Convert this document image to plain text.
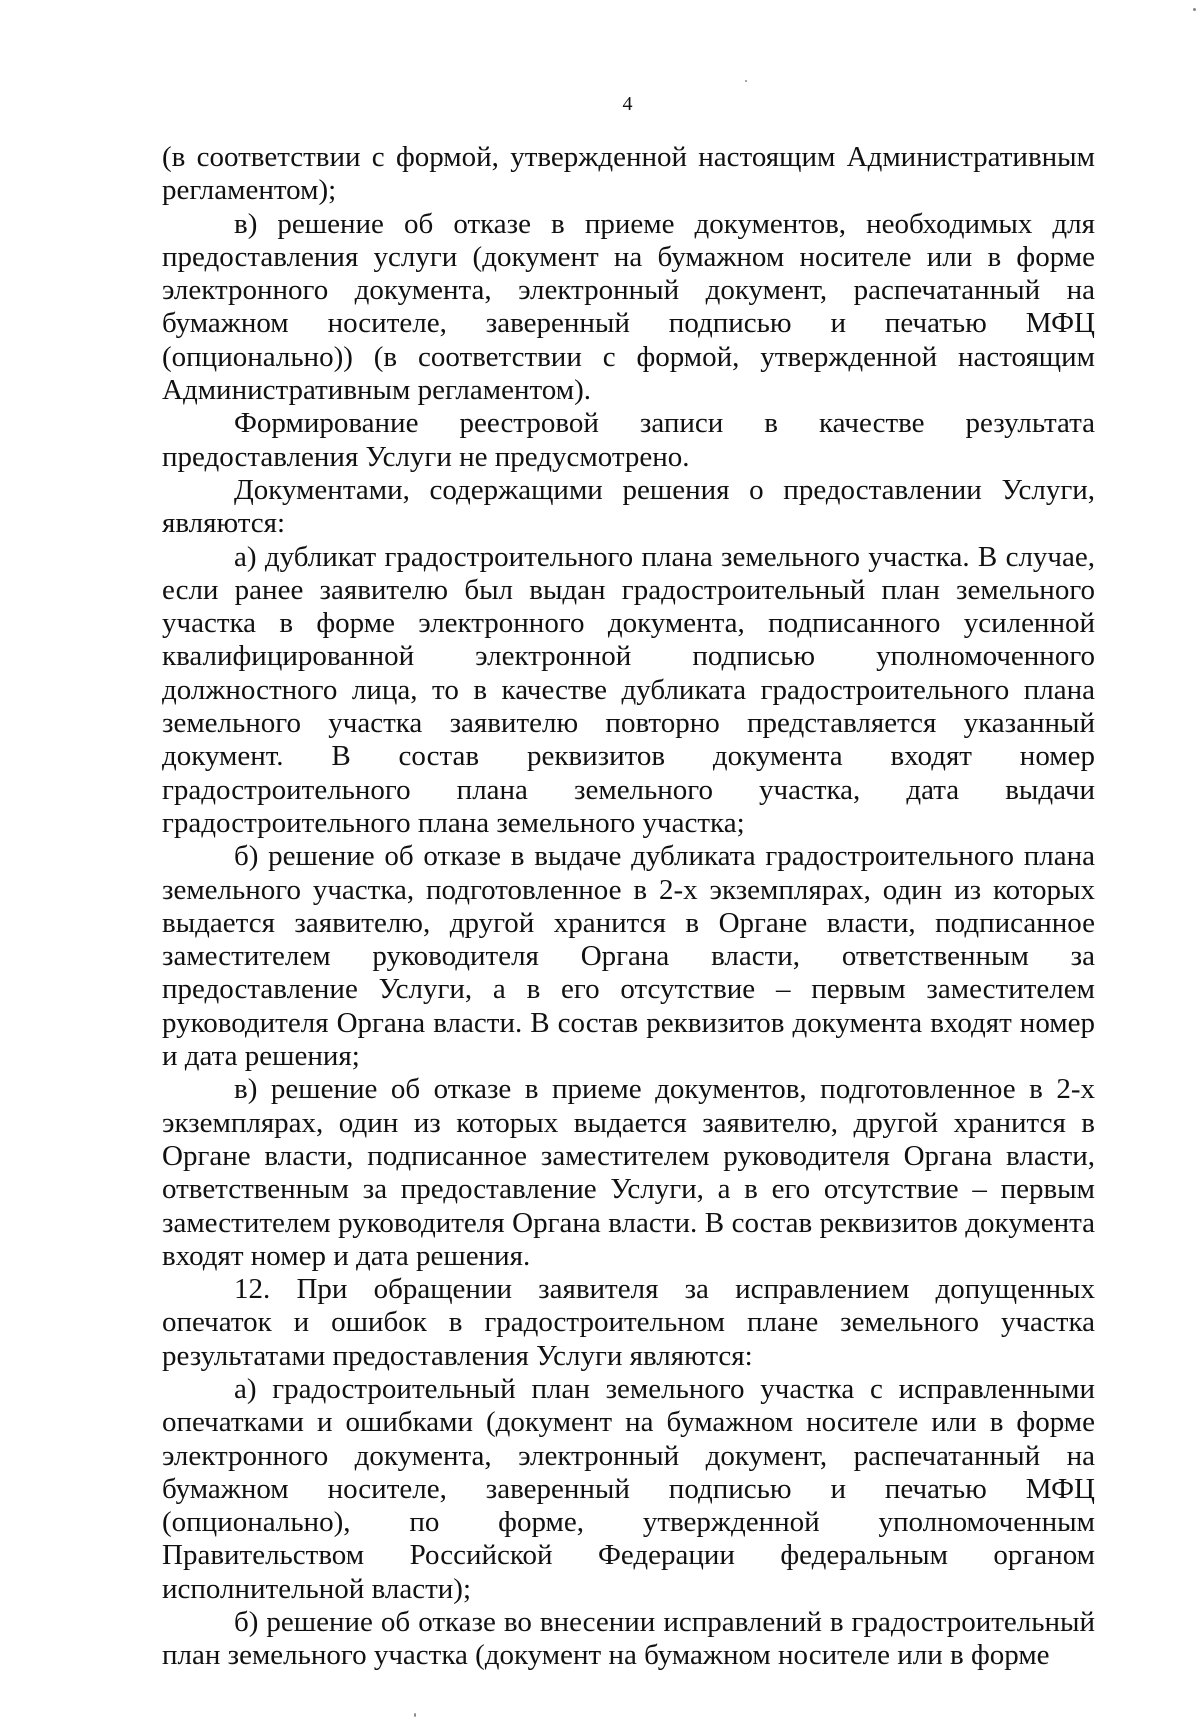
4

(в соответствии с формой, утвержденной настоящим Административным регламентом);

в) решение об отказе в приеме документов, необходимых для предоставления услуги (документ на бумажном носителе или в форме электронного документа, электронный документ, распечатанный на бумажном носителе, заверенный подписью и печатью МФЦ (опционально)) (в соответствии с формой, утвержденной настоящим Административным регламентом).

Формирование реестровой записи в качестве результата предоставления Услуги не предусмотрено.

Документами, содержащими решения о предоставлении Услуги, являются:

а) дубликат градостроительного плана земельного участка. В случае, если ранее заявителю был выдан градостроительный план земельного участка в форме электронного документа, подписанного усиленной квалифицированной электронной подписью уполномоченного должностного лица, то в качестве дубликата градостроительного плана земельного участка заявителю повторно представляется указанный документ. В состав реквизитов документа входят номер градостроительного плана земельного участка, дата выдачи градостроительного плана земельного участка;

б) решение об отказе в выдаче дубликата градостроительного плана земельного участка, подготовленное в 2-х экземплярах, один из которых выдается заявителю, другой хранится в Органе власти, подписанное заместителем руководителя Органа власти, ответственным за предоставление Услуги, а в его отсутствие – первым заместителем руководителя Органа власти. В состав реквизитов документа входят номер и дата решения;

в) решение об отказе в приеме документов, подготовленное в 2-х экземплярах, один из которых выдается заявителю, другой хранится в Органе власти, подписанное заместителем руководителя Органа власти, ответственным за предоставление Услуги, а в его отсутствие – первым заместителем руководителя Органа власти. В состав реквизитов документа входят номер и дата решения.

12. При обращении заявителя за исправлением допущенных опечаток и ошибок в градостроительном плане земельного участка результатами предоставления Услуги являются:

а) градостроительный план земельного участка с исправленными опечатками и ошибками (документ на бумажном носителе или в форме электронного документа, электронный документ, распечатанный на бумажном носителе, заверенный подписью и печатью МФЦ (опционально), по форме, утвержденной уполномоченным Правительством Российской Федерации федеральным органом исполнительной власти);

б) решение об отказе во внесении исправлений в градостроительный план земельного участка (документ на бумажном носителе или в форме
